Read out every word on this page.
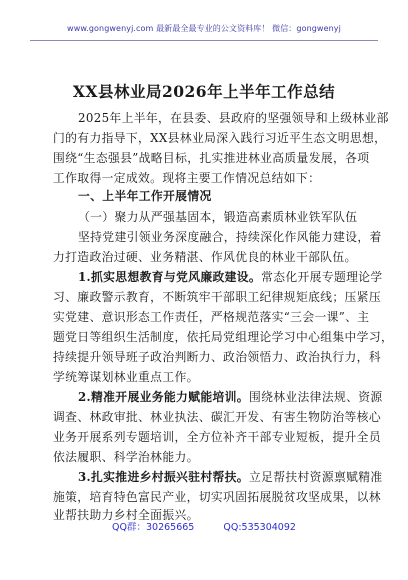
www.gongwenyj.com 最新最全最专业的公文资料库！ 微信：gongwenyj
XX县林业局2026年上半年工作总结
2025年上半年，在县委、县政府的坚强领导和上级林业部
门的有力指导下，XX县林业局深入践行习近平生态文明思想，
围绕“生态强县”战略目标，扎实推进林业高质量发展，各项
工作取得一定成效。现将主要工作情况总结如下：
一、上半年工作开展情况
（一）聚力从严强基固本，锻造高素质林业铁军队伍
坚持党建引领业务深度融合，持续深化作风能力建设，着
力打造政治过硬、业务精湛、作风优良的林业干部队伍。
1.抓实思想教育与党风廉政建设。常态化开展专题理论学
习、廉政警示教育，不断筑牢干部职工纪律规矩底线；压紧压
实党建、意识形态工作责任，严格规范落实“三会一课”、主
题党日等组织生活制度，依托局党组理论学习中心组集中学习，
持续提升领导班子政治判断力、政治领悟力、政治执行力，科
学统筹谋划林业重点工作。
2.精准开展业务能力赋能培训。围绕林业法律法规、资源
调查、林政审批、林业执法、碳汇开发、有害生物防治等核心
业务开展系列专题培训，全方位补齐干部专业短板，提升全员
依法履职、科学治林能力。
3.扎实推进乡村振兴驻村帮扶。立足帮扶村资源禀赋精准
施策，培育特色富民产业，切实巩固拓展脱贫攻坚成果，以林
业帮扶助力乡村全面振兴。
QQ群：30265665	QQ:535304092
